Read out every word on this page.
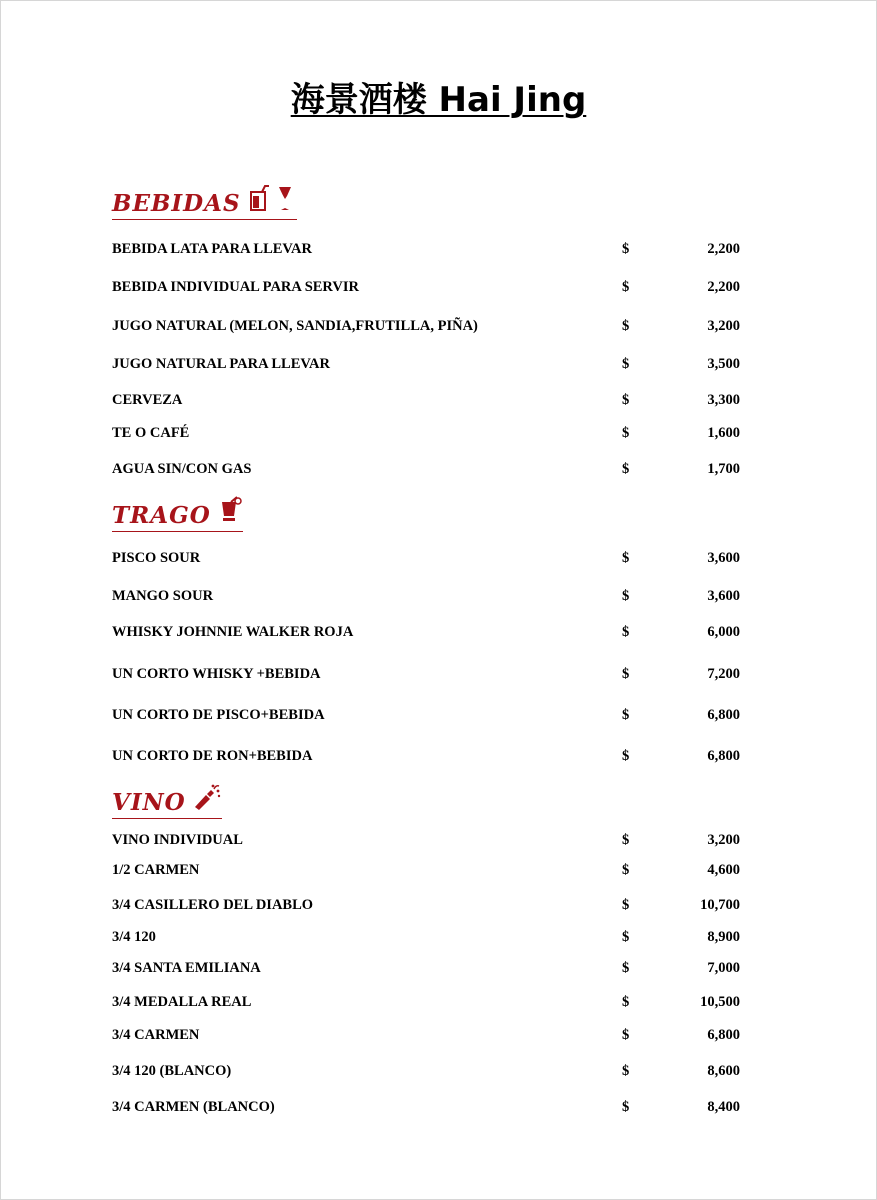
海景酒楼 Hai Jing
BEBIDAS
BEBIDA LATA PARA LLEVAR	$	2,200
BEBIDA INDIVIDUAL PARA SERVIR	$	2,200
JUGO NATURAL (MELON, SANDIA,FRUTILLA, PIÑA)	$	3,200
JUGO NATURAL PARA LLEVAR	$	3,500
CERVEZA	$	3,300
TE O CAFÉ	$	1,600
AGUA SIN/CON GAS	$	1,700
TRAGO
PISCO SOUR	$	3,600
MANGO SOUR	$	3,600
WHISKY JOHNNIE WALKER ROJA	$	6,000
UN CORTO WHISKY +BEBIDA	$	7,200
UN CORTO DE PISCO+BEBIDA	$	6,800
UN CORTO DE RON+BEBIDA	$	6,800
VINO
VINO INDIVIDUAL	$	3,200
1/2 CARMEN	$	4,600
3/4 CASILLERO DEL DIABLO	$	10,700
3/4 120	$	8,900
3/4 SANTA EMILIANA	$	7,000
3/4 MEDALLA REAL	$	10,500
3/4 CARMEN	$	6,800
3/4 120 (BLANCO)	$	8,600
3/4 CARMEN (BLANCO)	$	8,400
